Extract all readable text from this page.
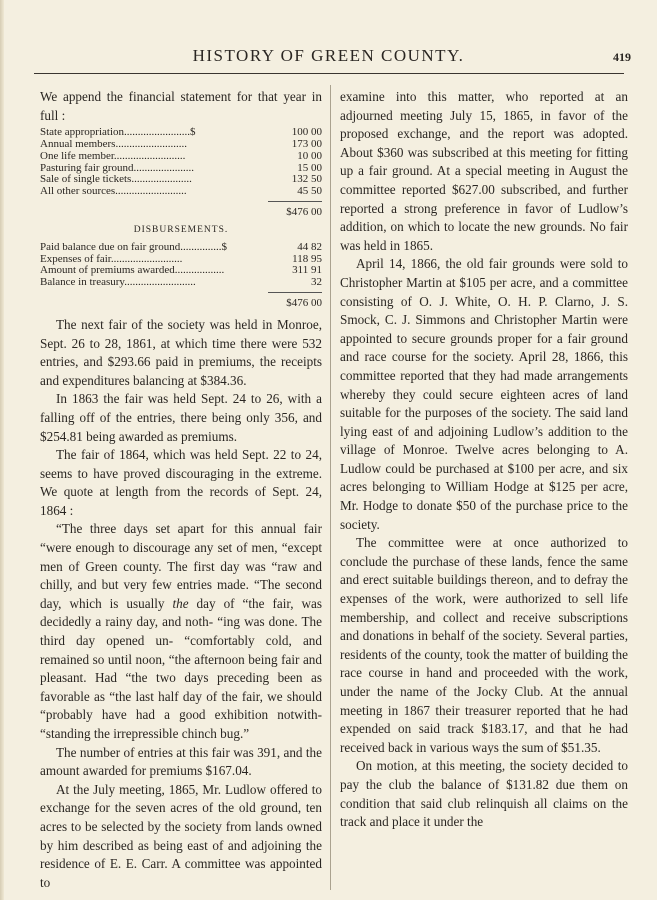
HISTORY OF GREEN COUNTY.	419

We append the financial statement for that year in full :

State appropriation........................$	100 00
Annual members..........................	173 00
One life member..........................	10 00
Pasturing fair ground......................	15 00
Sale of single tickets......................	132 50
All other sources..........................	45 50
$476 00
DISBURSEMENTS.
Paid balance due on fair ground...............$	44 82
Expenses of fair..........................	118 95
Amount of premiums awarded..................	311 91
Balance in treasury..........................	32
$476 00

The next fair of the society was held in Monroe, Sept. 26 to 28, 1861, at which time there were 532 entries, and $293.66 paid in premiums, the receipts and expenditures balancing at $384.36.

In 1863 the fair was held Sept. 24 to 26, with a falling off of the entries, there being only 356, and $254.81 being awarded as premiums.

The fair of 1864, which was held Sept. 22 to 24, seems to have proved discouraging in the extreme. We quote at length from the records of Sept. 24, 1864 :

“The three days set apart for this annual fair “were enough to discourage any set of men, “except men of Green county. The first day was “raw and chilly, and but very few entries made. “The second day, which is usually the day of “the fair, was decidedly a rainy day, and noth- “ing was done. The third day opened un- “comfortably cold, and remained so until noon, “the afternoon being fair and pleasant. Had “the two days preceding been as favorable as “the last half day of the fair, we should “probably have had a good exhibition notwith- “standing the irrepressible chinch bug.”

The number of entries at this fair was 391, and the amount awarded for premiums $167.04.

At the July meeting, 1865, Mr. Ludlow offered to exchange for the seven acres of the old ground, ten acres to be selected by the society from lands owned by him described as being east of and adjoining the residence of E. E. Carr. A committee was appointed to

examine into this matter, who reported at an adjourned meeting July 15, 1865, in favor of the proposed exchange, and the report was adopted. About $360 was subscribed at this meeting for fitting up a fair ground. At a special meeting in August the committee reported $627.00 subscribed, and further reported a strong preference in favor of Ludlow’s addition, on which to locate the new grounds. No fair was held in 1865.

April 14, 1866, the old fair grounds were sold to Christopher Martin at $105 per acre, and a committee consisting of O. J. White, O. H. P. Clarno, J. S. Smock, C. J. Simmons and Christopher Martin were appointed to secure grounds proper for a fair ground and race course for the society. April 28, 1866, this committee reported that they had made arrangements whereby they could secure eighteen acres of land suitable for the purposes of the society. The said land lying east of and adjoining Ludlow’s addition to the village of Monroe. Twelve acres belonging to A. Ludlow could be purchased at $100 per acre, and six acres belonging to William Hodge at $125 per acre, Mr. Hodge to donate $50 of the purchase price to the society.

The committee were at once authorized to conclude the purchase of these lands, fence the same and erect suitable buildings thereon, and to defray the expenses of the work, were authorized to sell life membership, and collect and receive subscriptions and donations in behalf of the society. Several parties, residents of the county, took the matter of building the race course in hand and proceeded with the work, under the name of the Jocky Club. At the annual meeting in 1867 their treasurer reported that he had expended on said track $183.17, and that he had received back in various ways the sum of $51.35.

On motion, at this meeting, the society decided to pay the club the balance of $131.82 due them on condition that said club relinquish all claims on the track and place it under the
